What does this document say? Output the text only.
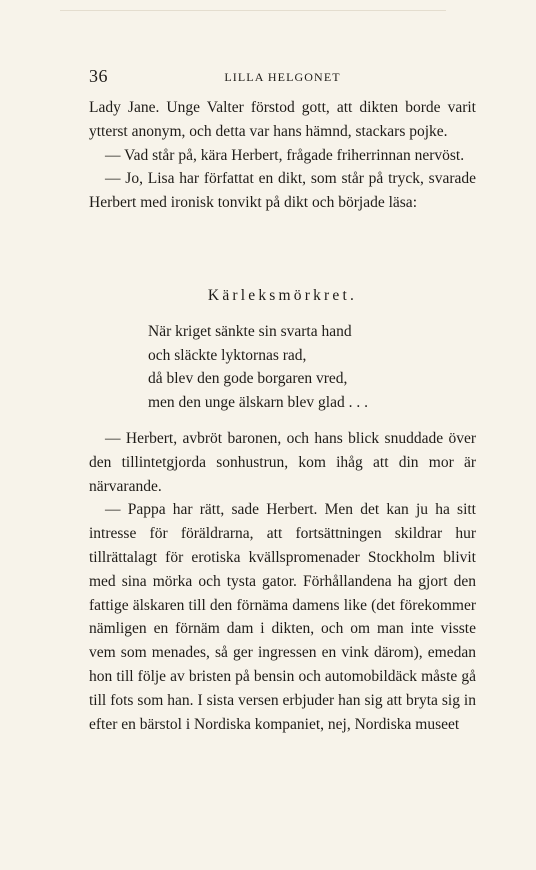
36	LILLA HELGONET

Lady Jane. Unge Valter förstod gott, att dikten borde varit ytterst anonym, och detta var hans hämnd, stackars pojke.

— Vad står på, kära Herbert, frågade friherrinnan nervöst.

— Jo, Lisa har författat en dikt, som står på tryck, svarade Herbert med ironisk tonvikt på dikt och började läsa:

Kärleksmörkret.
När kriget sänkte sin svarta hand
och släckte lyktornas rad,
då blev den gode borgaren vred,
men den unge älskarn blev glad . . .

— Herbert, avbröt baronen, och hans blick snuddade över den tillintetgjorda sonhustrun, kom ihåg att din mor är närvarande.

— Pappa har rätt, sade Herbert. Men det kan ju ha sitt intresse för föräldrarna, att fortsättningen skildrar hur tillrättalagt för erotiska kvällspromenader Stockholm blivit med sina mörka och tysta gator. Förhållandena ha gjort den fattige älskaren till den förnäma damens like (det förekommer nämligen en förnäm dam i dikten, och om man inte visste vem som menades, så ger ingressen en vink därom), emedan hon till följe av bristen på bensin och automobildäck måste gå till fots som han. I sista versen erbjuder han sig att bryta sig in efter en bärstol i Nordiska kompaniet, nej, Nordiska museet
